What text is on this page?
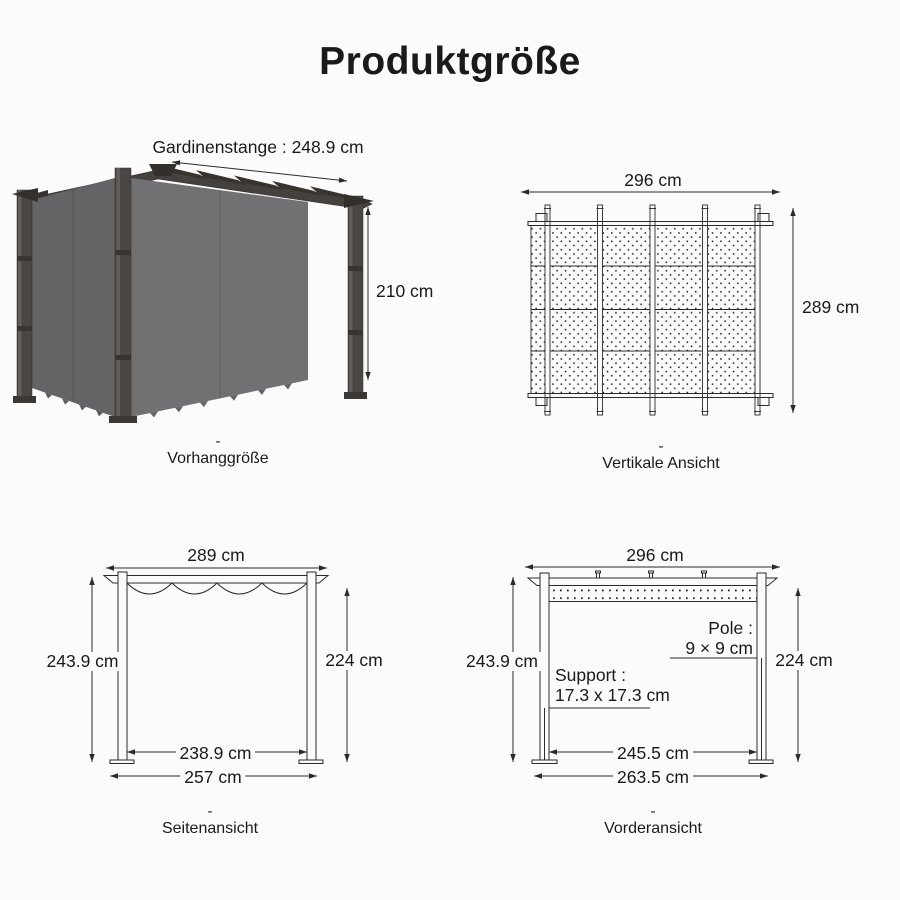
Produktgröße
Gardinenstange : 248.9 cm
210 cm
-
Vorhanggröße
296 cm
289 cm
-
Vertikale Ansicht
289 cm
243.9 cm	224 cm
238.9 cm
257 cm
-
Seitenansicht
296 cm
243.9 cm	224 cm
Pole :
9 × 9 cm
Support :
17.3 x 17.3 cm
245.5 cm
263.5 cm
-
Vorderansicht
